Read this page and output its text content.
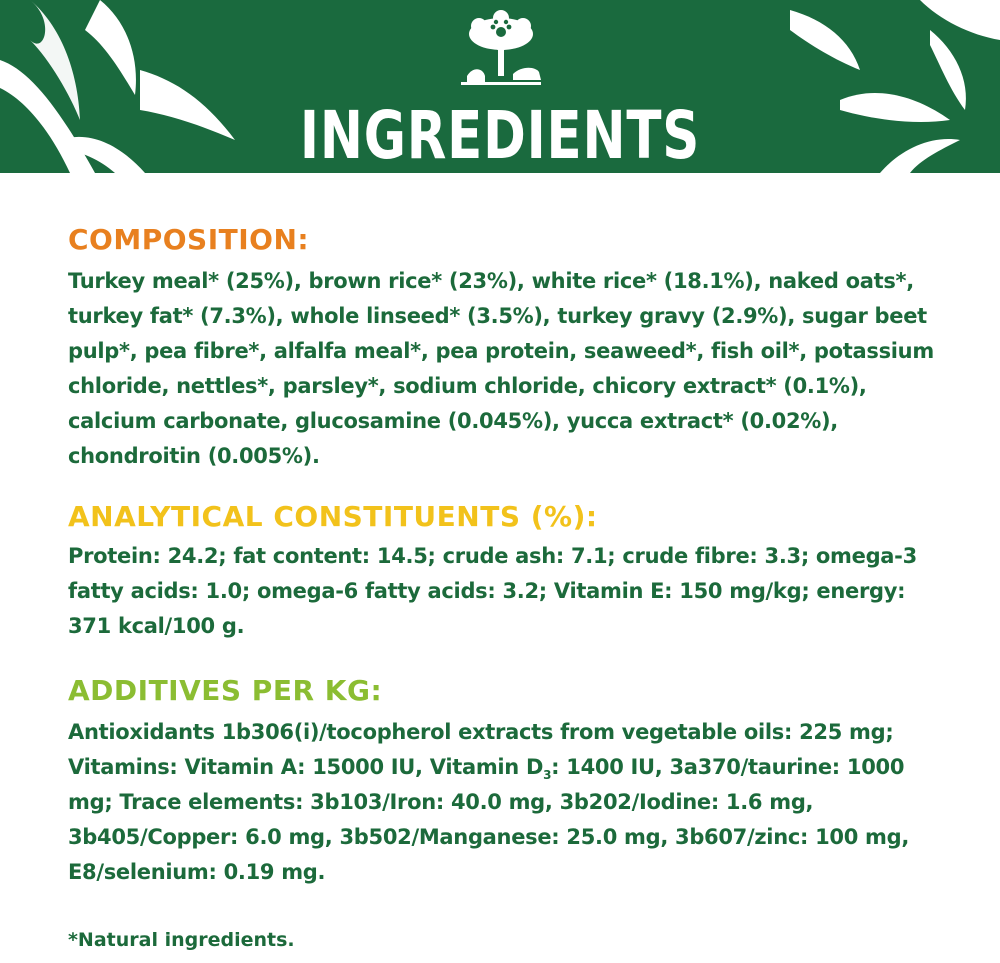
INGREDIENTS

COMPOSITION:

Turkey meal* (25%), brown rice* (23%), white rice* (18.1%), naked oats*, turkey fat* (7.3%), whole linseed* (3.5%), turkey gravy (2.9%), sugar beet pulp*, pea fibre*, alfalfa meal*, pea protein, seaweed*, fish oil*, potassium chloride, nettles*, parsley*, sodium chloride, chicory extract* (0.1%), calcium carbonate, glucosamine (0.045%), yucca extract* (0.02%), chondroitin (0.005%).

ANALYTICAL CONSTITUENTS (%):

Protein: 24.2; fat content: 14.5; crude ash: 7.1; crude fibre: 3.3; omega-3 fatty acids: 1.0; omega-6 fatty acids: 3.2; Vitamin E: 150 mg/kg; energy: 371 kcal/100 g.

ADDITIVES PER KG:

Antioxidants 1b306(i)/tocopherol extracts from vegetable oils: 225 mg; Vitamins: Vitamin A: 15000 IU, Vitamin $D_3$: 1400 IU, 3a370/taurine: 1000 mg; Trace elements: 3b103/Iron: 40.0 mg, 3b202/Iodine: 1.6 mg, 3b405/Copper: 6.0 mg, 3b502/Manganese: 25.0 mg, 3b607/zinc: 100 mg, E8/selenium: 0.19 mg.

*Natural ingredients.
